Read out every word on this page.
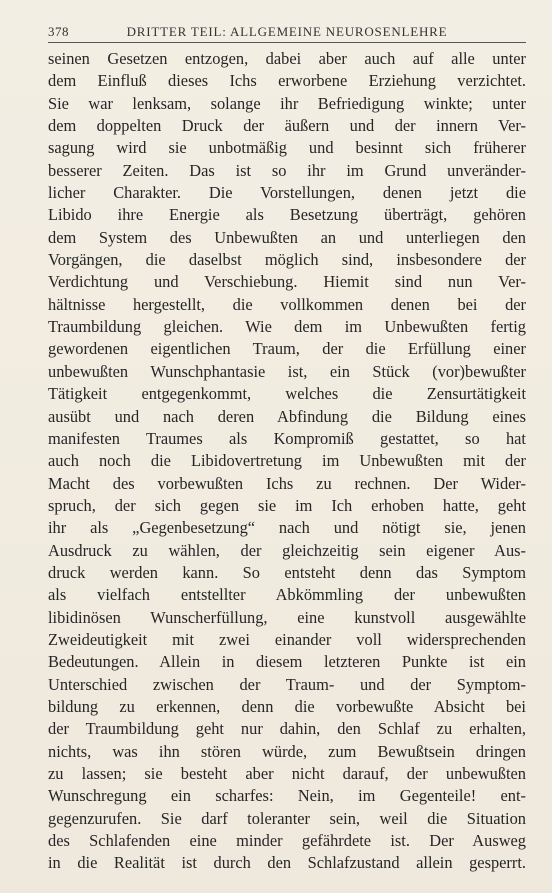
378	DRITTER TEIL: ALLGEMEINE NEUROSENLEHRE
seinen Gesetzen entzogen, dabei aber auch auf alle unter
dem Einfluß dieses Ichs erworbene Erziehung verzichtet.
Sie war lenksam, solange ihr Befriedigung winkte; unter
dem doppelten Druck der äußern und der innern Ver-
sagung wird sie unbotmäßig und besinnt sich früherer
besserer Zeiten. Das ist so ihr im Grund unveränder-
licher Charakter. Die Vorstellungen, denen jetzt die
Libido ihre Energie als Besetzung überträgt, gehören
dem System des Unbewußten an und unterliegen den
Vorgängen, die daselbst möglich sind, insbesondere der
Verdichtung und Verschiebung. Hiemit sind nun Ver-
hältnisse hergestellt, die vollkommen denen bei der
Traumbildung gleichen. Wie dem im Unbewußten fertig
gewordenen eigentlichen Traum, der die Erfüllung einer
unbewußten Wunschphantasie ist, ein Stück (vor)bewußter
Tätigkeit entgegenkommt, welches die Zensurtätigkeit
ausübt und nach deren Abfindung die Bildung eines
manifesten Traumes als Kompromiß gestattet, so hat
auch noch die Libidovertretung im Unbewußten mit der
Macht des vorbewußten Ichs zu rechnen. Der Wider-
spruch, der sich gegen sie im Ich erhoben hatte, geht
ihr als „Gegenbesetzung“ nach und nötigt sie, jenen
Ausdruck zu wählen, der gleichzeitig sein eigener Aus-
druck werden kann. So entsteht denn das Symptom
als vielfach entstellter Abkömmling der unbewußten
libidinösen Wunscherfüllung, eine kunstvoll ausgewählte
Zweideutigkeit mit zwei einander voll widersprechenden
Bedeutungen. Allein in diesem letzteren Punkte ist ein
Unterschied zwischen der Traum- und der Symptom-
bildung zu erkennen, denn die vorbewußte Absicht bei
der Traumbildung geht nur dahin, den Schlaf zu erhalten,
nichts, was ihn stören würde, zum Bewußtsein dringen
zu lassen; sie besteht aber nicht darauf, der unbewußten
Wunschregung ein scharfes: Nein, im Gegenteile! ent-
gegenzurufen. Sie darf toleranter sein, weil die Situation
des Schlafenden eine minder gefährdete ist. Der Ausweg
in die Realität ist durch den Schlafzustand allein gesperrt.
